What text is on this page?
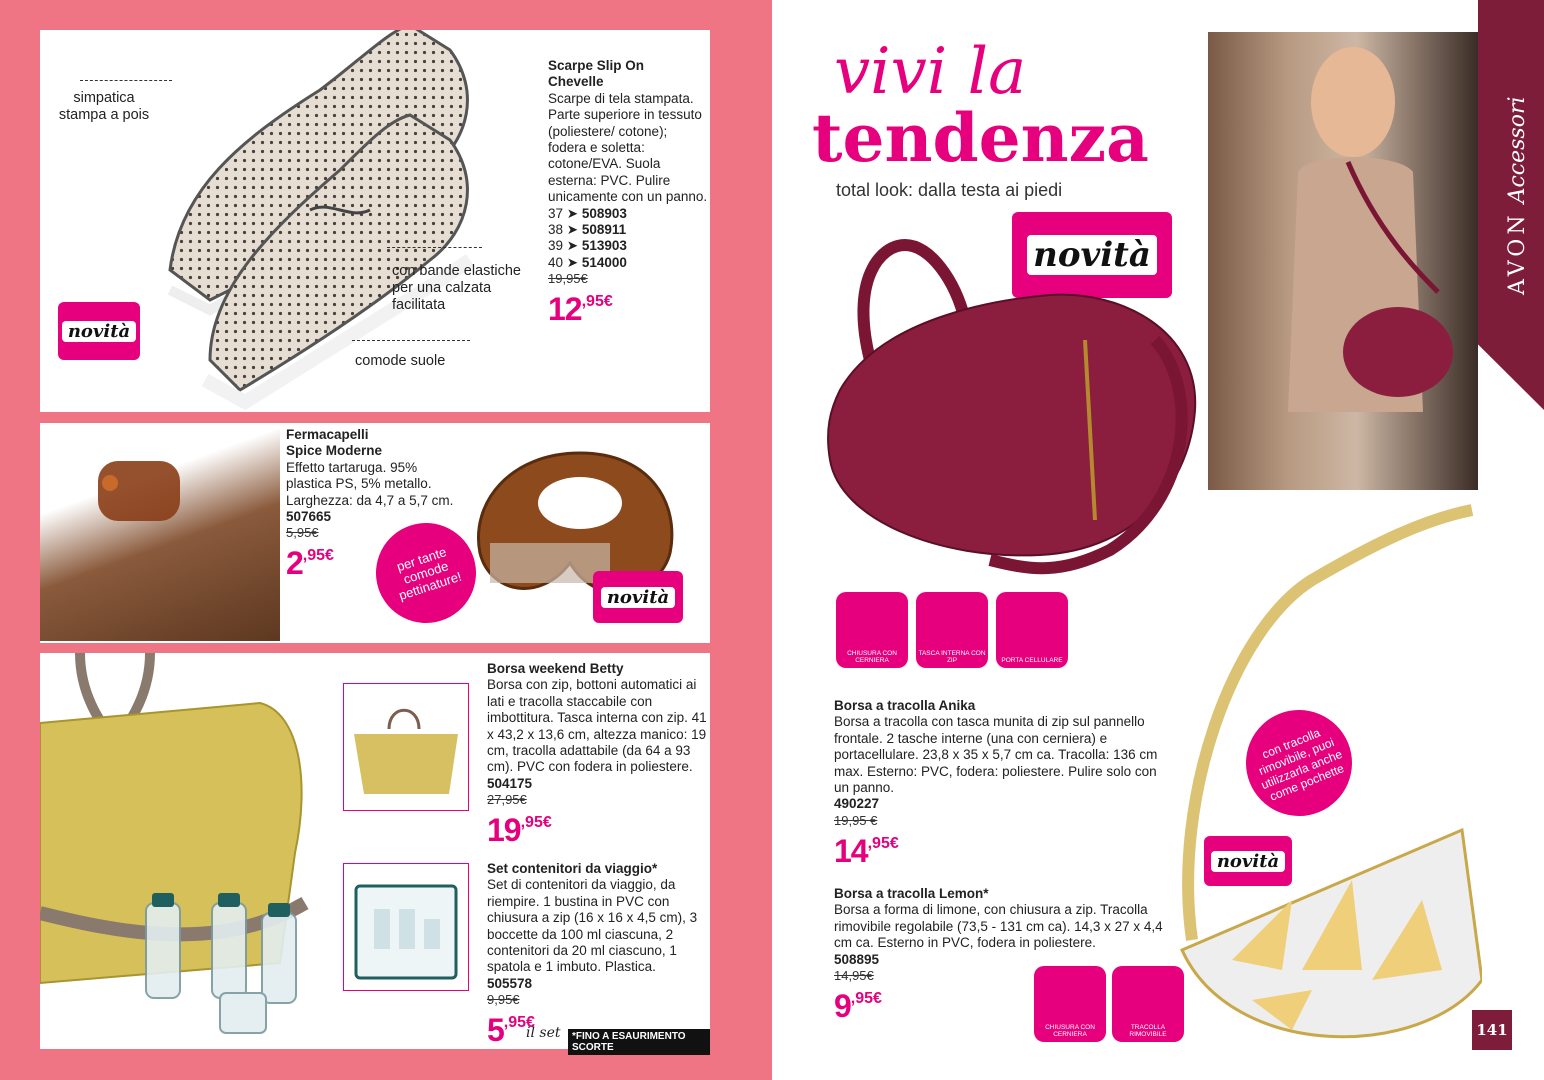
simpatica stampa a pois
con bande elastiche per una calzata facilitata
comode suole
novità
Scarpe Slip On Chevelle
Scarpe di tela stampata. Parte superiore in tessuto (poliestere/ cotone); fodera e soletta: cotone/EVA. Suola esterna: PVC. Pulire unicamente con un panno.
37 ➤ 508903
38 ➤ 508911
39 ➤ 513903
40 ➤ 514000
19,95€
$12^{,95€}$
Fermacapelli Spice Moderne
Effetto tartaruga. 95% plastica PS, 5% metallo. Larghezza: da 4,7 a 5,7 cm.
507665
5,95€
$2^{,95€}$	per tante comode pettinature!	novità
Borsa weekend Betty
Borsa con zip, bottoni automatici ai lati e tracolla staccabile con imbottitura. Tasca interna con zip. 41 x 43,2 x 13,6 cm, altezza manico: 19 cm, tracolla adattabile (da 64 a 93 cm). PVC con fodera in poliestere.
504175
27,95€
$19^{,95€}$
Set contenitori da viaggio*
Set di contenitori da viaggio, da riempire. 1 bustina in PVC con chiusura a zip (16 x 16 x 4,5 cm), 3 boccette da 100 ml ciascuna, 2 contenitori da 20 ml ciascuno, 1 spatola e 1 imbuto. Plastica.
505578
9,95€
$5^{,95€}$
il set	*FINO A ESAURIMENTO SCORTE
vivi la
tendenza
total look: dalla testa ai piedi
novità	AVON
Accessori
CHIUSURA CON CERNIERA
TASCA INTERNA CON ZIP	PORTA CELLULARE
Borsa a tracolla Anika
Borsa a tracolla con tasca munita di zip sul pannello frontale. 2 tasche interne (una con cerniera) e portacellulare. 23,8 x 35 x 5,7 cm ca. Tracolla: 136 cm max. Esterno: PVC, fodera: poliestere. Pulire solo con un panno.
490227
19,95 €
$14^{,95€}$
Borsa a tracolla Lemon*
Borsa a forma di limone, con chiusura a zip. Tracolla rimovibile regolabile (73,5 - 131 cm ca). 14,3 x 27 x 4,4 cm ca. Esterno in PVC, fodera in poliestere.
508895
14,95€
$9^{,95€}$
CHIUSURA CON CERNIERA
TRACOLLA RIMOVIBILE
con tracolla rimovibile, puoi utilizzarla anche come pochette
novità
141
